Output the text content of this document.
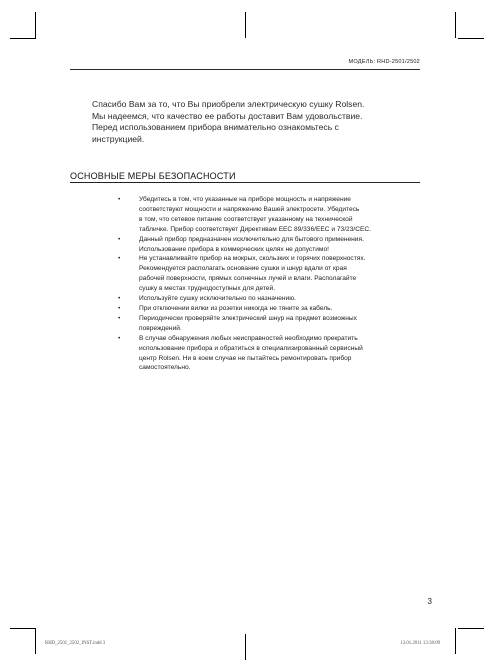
МОДЕЛЬ: RHD-2501/2502

Спасибо Вам за то, что Вы приобрели электрическую сушку Rolsen.

Мы надеемся, что качество ее работы доставит Вам удовольствие.

Перед использованием прибора внимательно ознакомьтесь с

инструкцией.

ОСНОВНЫЕ МЕРЫ БЕЗОПАСНОСТИ
•	Убедитесь в том, что указанные на приборе мощность и напряжение
соответствуют мощности и напряжению Вашей электросети. Убедитесь
в том, что сетевое питание соответствует указанному на технической
табличке. Прибор соответствует Директивам ЕЕС 89/336/ЕЕС и 73/23/CEC.
•	Данный прибор предназначен исключительно для бытового применения.
Использование прибора в коммерческих целях не допустимо!
•	Не устанавливайте прибор на мокрых, скользких и горячих поверхностях.
Рекомендуется располагать основание сушки и шнур вдали от края
рабочей поверхности, прямых солнечных лучей и влаги. Располагайте
сушку в местах труднодоступных для детей.
•	Используйте сушку исключительно по назначению.
•	При отключении вилки из розетки никогда не тяните за кабель.
•	Периодически проверяйте электрический шнур на предмет возможных
повреждений.
•	В случае обнаружения любых неисправностей необходимо прекратить
использование прибора и обратиться в специализированный сервисный
центр Rolsen. Ни в коем случае не пытайтесь ремонтировать прибор
самостоятельно.
3
RHD_2501_2502_INST.indd 3	13.01.2011 13:38:09
